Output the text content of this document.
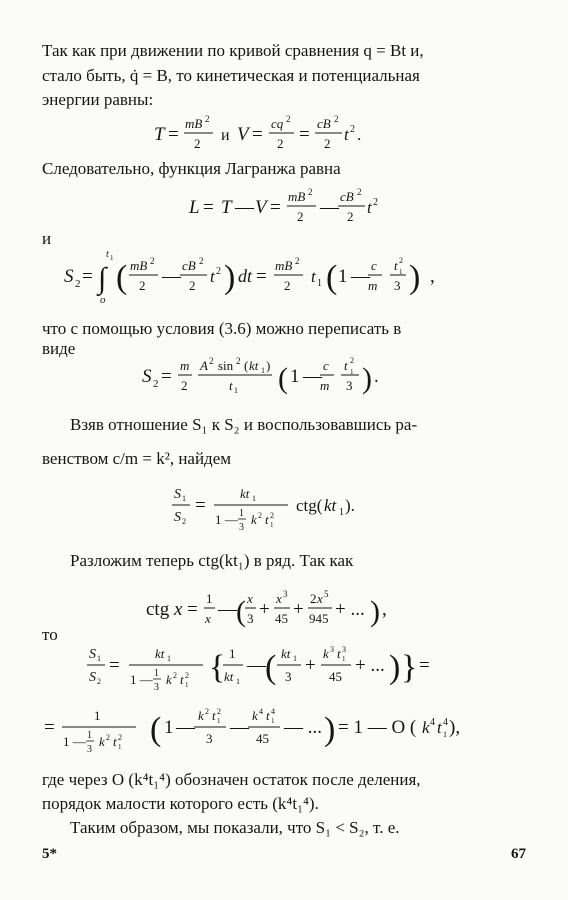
Так как при движении по кривой сравнения q = Bt и,
стало быть, q̇ = B, то кинетическая и потенциальная
энергии равны:
T =
mB 2
2 и V =
cq 2
2 =
cB 2
2 t 2 .
Следовательно, функция Лагранжа равна
L = T — V =
mB 2
2 —
cB 2
2 t 2
и
S 2 = ∫
t 1
o
( mB 2
2 —
cB 2
2 t 2 ) dt =
mB 2
2 t 1 ( 1 —
c
m
t 2
1
3 ) ,
что с помощью условия (3.6) можно переписать в
виде
S 2 =
m
2
A 2 sin 2 ( kt 1 )
t 1 ( 1 —
c
m
t 2
1
3 ) .
Взяв отношение S₁ к S₂ и воспользовавшись ра-
венством c/m = k², найдем
S 1
S 2
=
kt 1
1 — 1
3
k 2 t 2
1
ctg( kt 1 ).
Разложим теперь ctg(kt₁) в ряд. Так как
ctg x =
1
x — ( x
3 +
x 3
45 +
2 x 5
945 + ... ) ,
то
S 1
S 2
=
kt 1
1 — 1
3
k 2 t 2
1 { 1
kt 1
— ( kt 1
3
+
k 3 t 3
1
45
+ ... ) } =
=
1
1 — 1
3
k 2 t 2
1 ( 1 —
k 2 t 2
1
3
—
k 4 t 4
1
45
— ... ) = 1 — O ( k 4 t 4
1 ),
где через O (k⁴t₁⁴) обозначен остаток после деления,
порядок малости которого есть (k⁴t₁⁴).
Таким образом, мы показали, что S₁ < S₂, т. е.
5*	67
